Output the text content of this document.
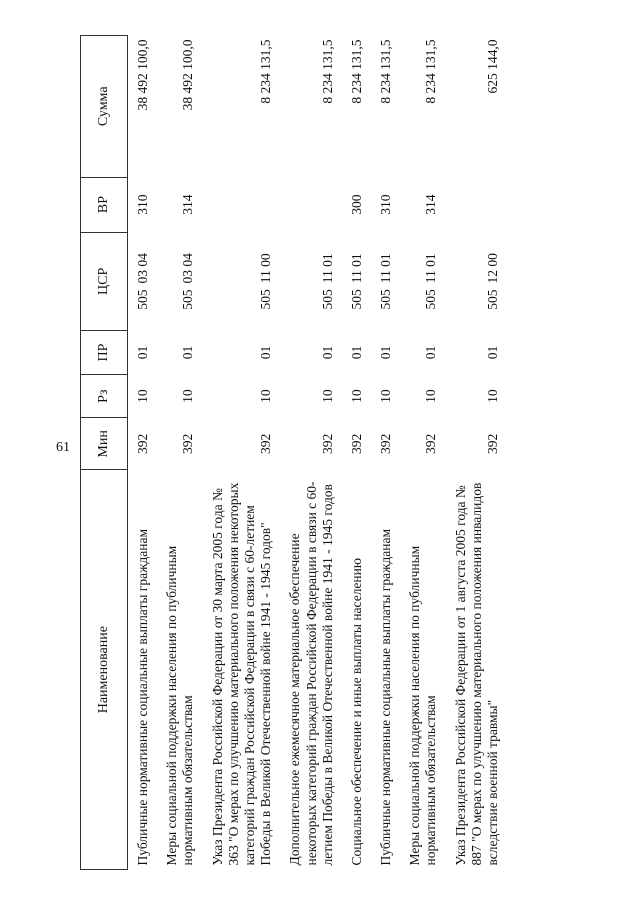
61
Наименование	Мин	Рз	ПР	ЦСР	ВР	Сумма
Публичные нормативные социальные выплаты гражданам	392	10	01	50503 04	310	38 492 100,0
Меры социальной поддержки населения по публичным нормативным обязательствам	392	10	01	50503 04	314	38 492 100,0
Указ Президента Российской Федерации от 30 марта 2005 года № 363 "О мерах по улучшению материального положения некоторых категорий граждан Российской Федерации в связи с 60-летием Победы в Великой Отечественной войне 1941 - 1945 годов"	392	10	01	50511 00		8 234 131,5
Дополнительное ежемесячное материальное обеспечение некоторых категорий граждан Российской Федерации в связи с 60-летием Победы в Великой Отечественной войне 1941 - 1945 годов	392	10	01	50511 01		8 234 131,5
Социальное обеспечение и иные выплаты населению	392	10	01	50511 01	300	8 234 131,5
Публичные нормативные социальные выплаты гражданам	392	10	01	50511 01	310	8 234 131,5
Меры социальной поддержки населения по публичным нормативным обязательствам	392	10	01	50511 01	314	8 234 131,5
Указ Президента Российской Федерации от 1 августа 2005 года № 887 "О мерах по улучшению материального положения инвалидов вследствие военной травмы"	392	10	01	50512 00		625 144,0
